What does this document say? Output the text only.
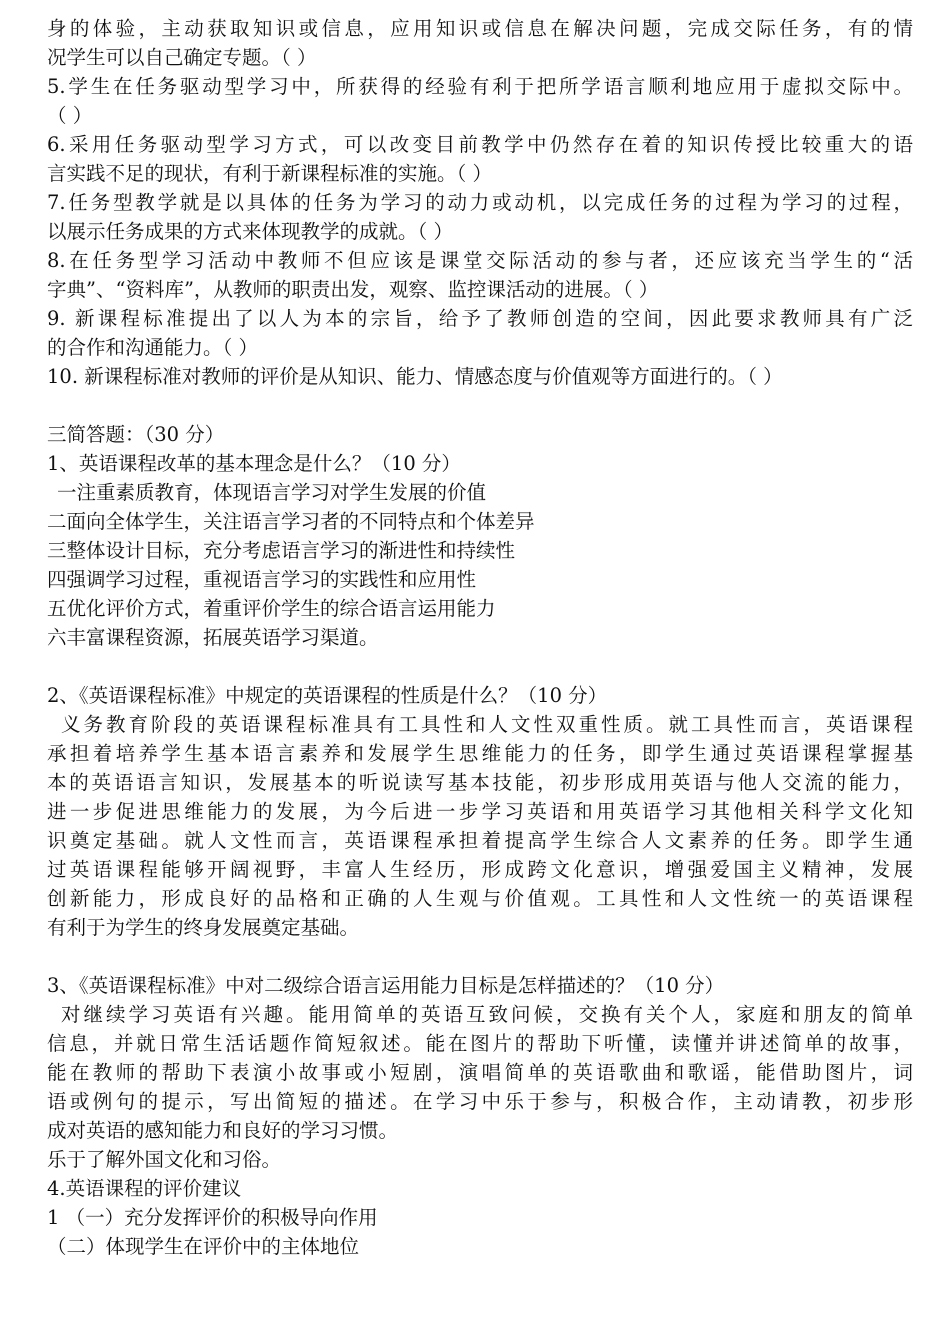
身的体验，主动获取知识或信息，应用知识或信息在解决问题，完成交际任务，有的情
况学生可以自己确定专题。（ ）
5.学生在任务驱动型学习中，所获得的经验有利于把所学语言顺利地应用于虚拟交际中。
（ ）
6.采用任务驱动型学习方式，可以改变目前教学中仍然存在着的知识传授比较重大的语
言实践不足的现状，有利于新课程标准的实施。（ ）
7.任务型教学就是以具体的任务为学习的动力或动机，以完成任务的过程为学习的过程，
以展示任务成果的方式来体现教学的成就。（ ）
8.在任务型学习活动中教师不但应该是课堂交际活动的参与者，还应该充当学生的“活
字典”、“资料库”，从教师的职责出发，观察、监控课活动的进展。（ ）
9. 新课程标准提出了以人为本的宗旨，给予了教师创造的空间，因此要求教师具有广泛
的合作和沟通能力。（ ）
10. 新课程标准对教师的评价是从知识、能力、情感态度与价值观等方面进行的。（ ）
三简答题：（30 分）
1、英语课程改革的基本理念是什么？（10 分）
一注重素质教育，体现语言学习对学生发展的价值
二面向全体学生，关注语言学习者的不同特点和个体差异
三整体设计目标，充分考虑语言学习的渐进性和持续性
四强调学习过程，重视语言学习的实践性和应用性
五优化评价方式，着重评价学生的综合语言运用能力
六丰富课程资源，拓展英语学习渠道。
2、《英语课程标准》中规定的英语课程的性质是什么？（10 分）
义务教育阶段的英语课程标准具有工具性和人文性双重性质。就工具性而言，英语课程
承担着培养学生基本语言素养和发展学生思维能力的任务，即学生通过英语课程掌握基
本的英语语言知识，发展基本的听说读写基本技能，初步形成用英语与他人交流的能力，
进一步促进思维能力的发展，为今后进一步学习英语和用英语学习其他相关科学文化知
识奠定基础。就人文性而言，英语课程承担着提高学生综合人文素养的任务。即学生通
过英语课程能够开阔视野，丰富人生经历，形成跨文化意识，增强爱国主义精神，发展
创新能力，形成良好的品格和正确的人生观与价值观。工具性和人文性统一的英语课程
有利于为学生的终身发展奠定基础。
3、《英语课程标准》中对二级综合语言运用能力目标是怎样描述的？（10 分）
对继续学习英语有兴趣。能用简单的英语互致问候，交换有关个人，家庭和朋友的简单
信息，并就日常生活话题作简短叙述。能在图片的帮助下听懂，读懂并讲述简单的故事，
能在教师的帮助下表演小故事或小短剧，演唱简单的英语歌曲和歌谣，能借助图片，词
语或例句的提示，写出简短的描述。在学习中乐于参与，积极合作，主动请教，初步形
成对英语的感知能力和良好的学习习惯。
乐于了解外国文化和习俗。
4.英语课程的评价建议
1 （一）充分发挥评价的积极导向作用
（二）体现学生在评价中的主体地位
